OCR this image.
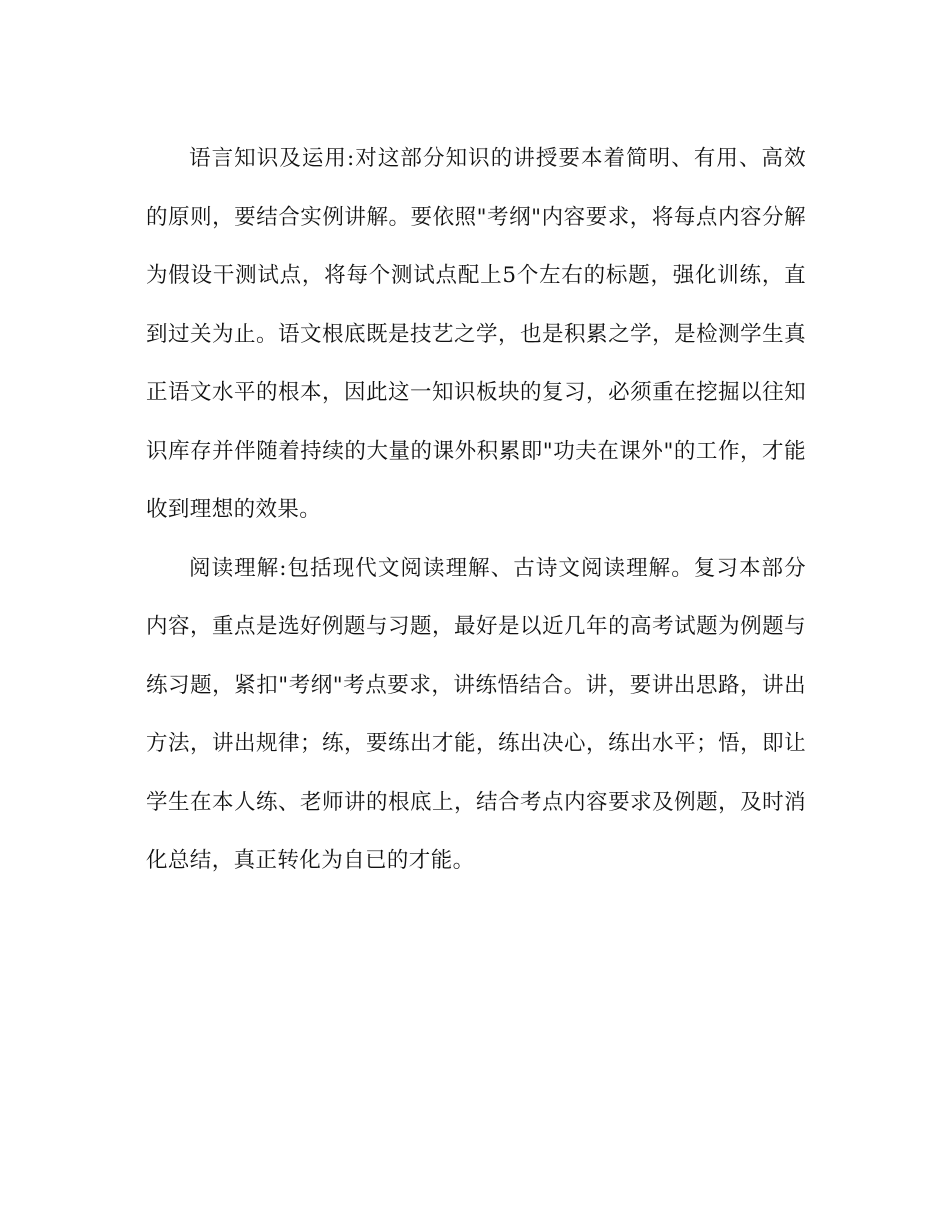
语言知识及运用:对这部分知识的讲授要本着简明、有用、高效的原则，要结合实例讲解。要依照"考纲"内容要求，将每点内容分解为假设干测试点，将每个测试点配上5个左右的标题，强化训练，直到过关为止。语文根底既是技艺之学，也是积累之学，是检测学生真正语文水平的根本，因此这一知识板块的复习，必须重在挖掘以往知识库存并伴随着持续的大量的课外积累即"功夫在课外"的工作，才能收到理想的效果。

阅读理解:包括现代文阅读理解、古诗文阅读理解。复习本部分内容，重点是选好例题与习题，最好是以近几年的高考试题为例题与练习题，紧扣"考纲"考点要求，讲练悟结合。讲，要讲出思路，讲出方法，讲出规律；练，要练出才能，练出决心，练出水平；悟，即让学生在本人练、老师讲的根底上，结合考点内容要求及例题，及时消化总结，真正转化为自已的才能。
